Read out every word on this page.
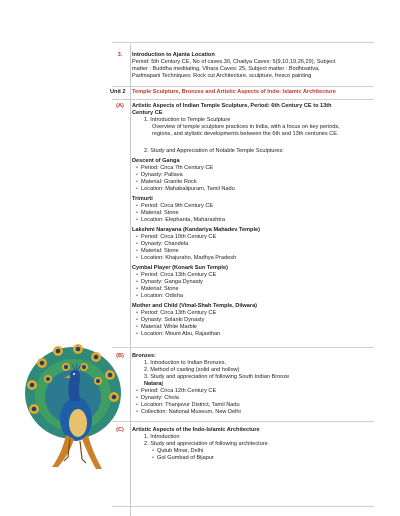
3.	Introduction to Ajanta Location
Period: 5th Century CE, No of caves.30, Chaitya Caves: 5(9,10,19,26,29), Subject
matter : Buddha meditating, Vihara Caves: 25, Subject matter : Bodhisattva,
Padmapani Techniques: Rock cut Architecture, sculpture, fresco painting
Unit 2 Temple Sculpture, Bronzes and Artistic Aspects of Indo- Islamic Architecture
(A)	Artistic Aspects of Indian Temple Sculpture, Period: 6th Century CE to 13th
Century CE
1. Introduction to Temple Sculpture
Overview of temple sculpture practices in India, with a focus on key periods,
regions, and stylistic developments between the 6th and 13th centuries CE.
2. Study and Appreciation of Notable Temple Sculptures:
Descent of Ganga
• Period: Circa 7th Century CE
• Dynasty: Pallava
• Material: Granite Rock
• Location: Mahabalipuram, Tamil Nadu
Trimurti
• Period: Circa 9th Century CE
• Material: Stone
• Location: Elephanta, Maharashtra
Lakshmi Narayana (Kandariya Mahadev Temple)
• Period: Circa 10th Century CE
• Dynasty: Chandela
• Material: Stone
• Location: Khajuraho, Madhya Pradesh
Cymbal Player (Konark Sun Temple)
• Period: Circa 13th Century CE
• Dynasty: Ganga Dynasty
• Material: Stone
• Location: Odisha
Mother and Child (Vimal-Shah Temple, Dilwara)
• Period: Circa 13th Century CE
• Dynasty: Solanki Dynasty
• Material: White Marble
• Location: Mount Abu, Rajasthan
(B)	Bronzes:
1. Introduction to Indian Bronzes.
2. Method of casting (solid and hollow)
3. Study and appreciation of following South Indian Bronze
Nataraj
• Period: Circa 12th Century CE
• Dynasty: Chola
• Location: Thanjavur District, Tamil Nadu
• Collection: National Museum, New Delhi
(C)	Artistic Aspects of the Indo-Islamic Architecture
1. Introduction
2. Study and appreciation of following architecture
• Qutub Minar, Delhi
• Gol Gumbad of Bijapur
